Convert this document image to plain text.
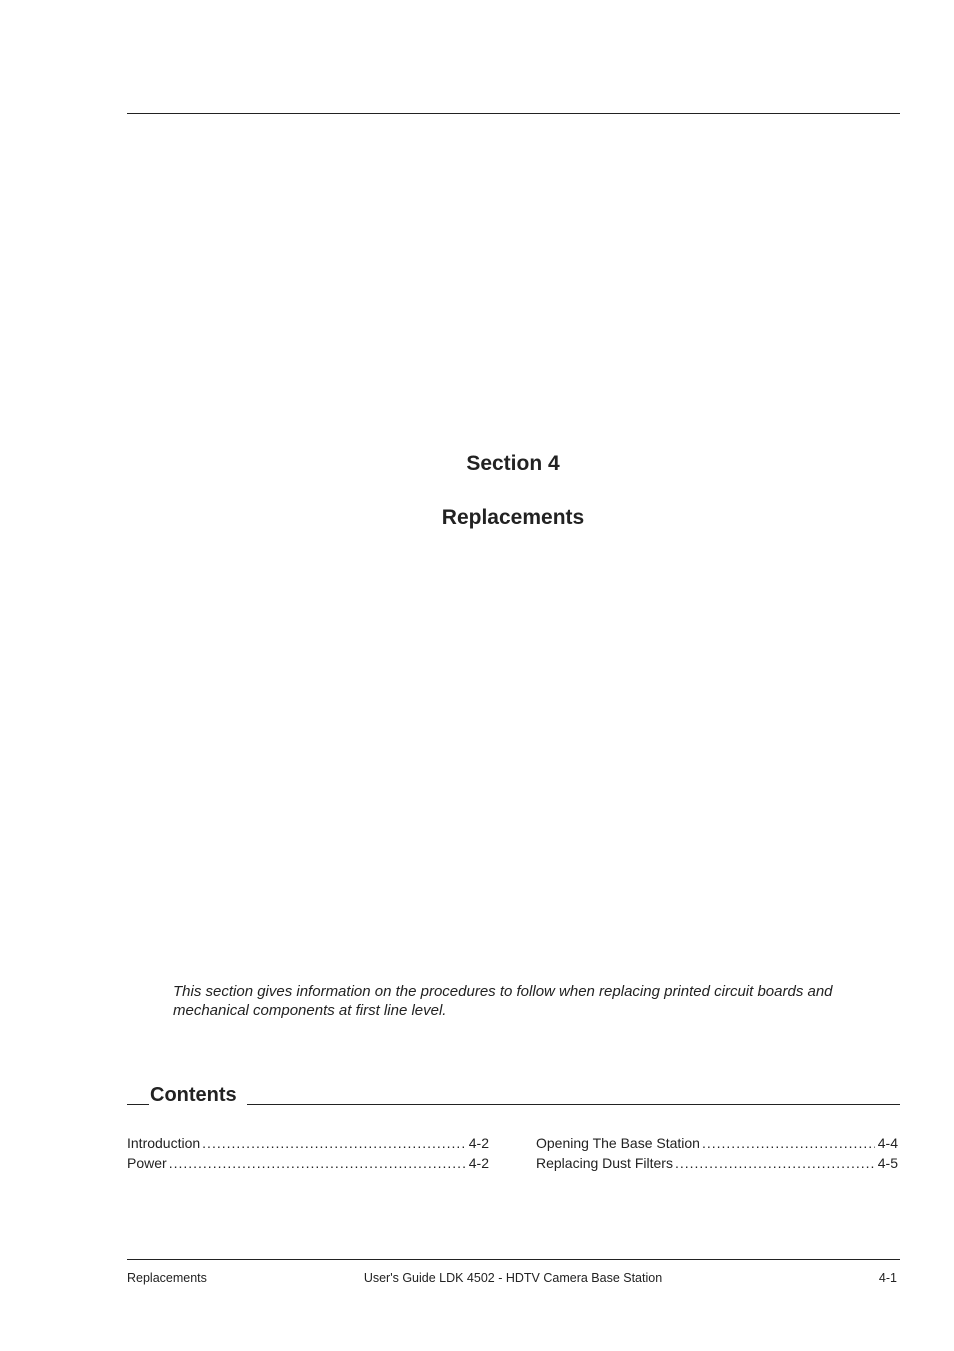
Section 4
Replacements
This section gives information on the procedures to follow when replacing printed circuit boards and mechanical components at first line level.
Contents
Introduction .....	4-2
Power .....	4-2
Opening The Base Station .....	4-4
Replacing Dust Filters .....	4-5
Replacements	User's Guide LDK 4502 - HDTV Camera Base Station	4-1
